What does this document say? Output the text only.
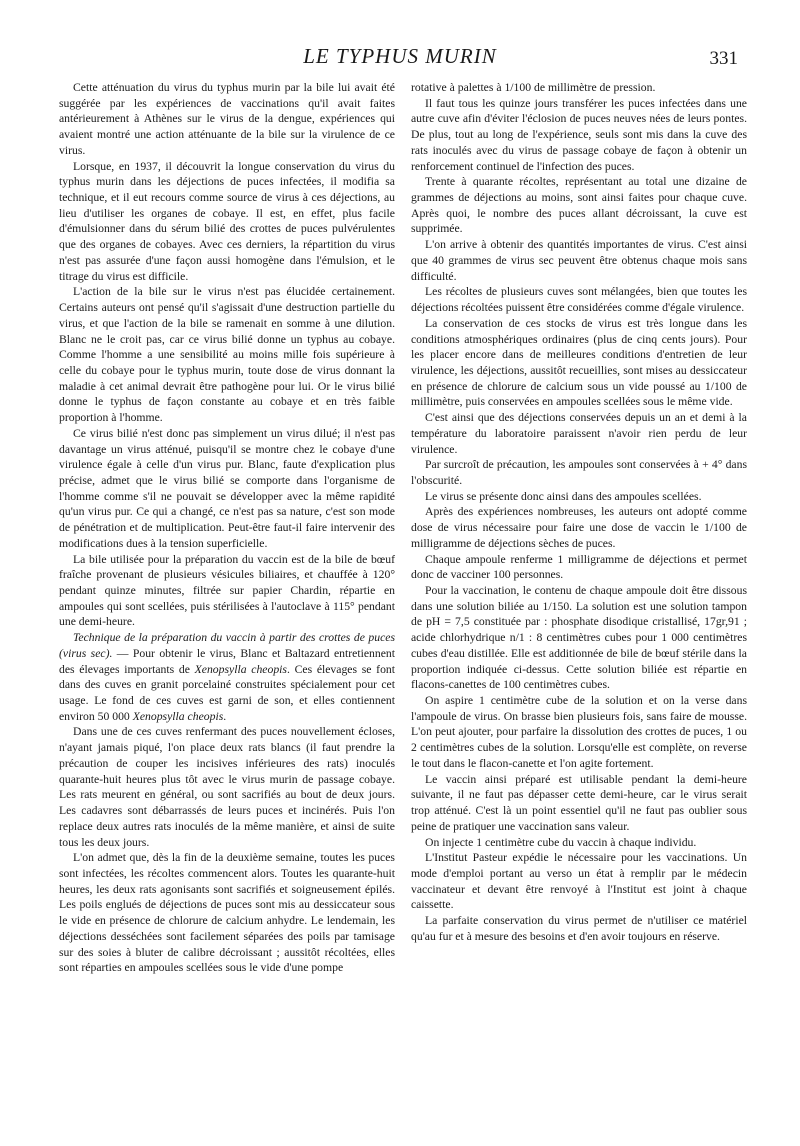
LE TYPHUS MURIN	331

Cette atténuation du virus du typhus murin par la bile lui avait été suggérée par les expériences de vaccinations qu'il avait faites antérieurement à Athènes sur le virus de la dengue, expériences qui avaient montré une action atténuante de la bile sur la virulence de ce virus.

Lorsque, en 1937, il découvrit la longue conservation du virus du typhus murin dans les déjections de puces infectées, il modifia sa technique, et il eut recours comme source de virus à ces déjections, au lieu d'utiliser les organes de cobaye. Il est, en effet, plus facile d'émulsionner dans du sérum bilié des crottes de puces pulvérulentes que des organes de cobayes. Avec ces derniers, la répartition du virus n'est pas assurée d'une façon aussi homogène dans l'émulsion, et le titrage du virus est difficile.

L'action de la bile sur le virus n'est pas élucidée certainement. Certains auteurs ont pensé qu'il s'agissait d'une destruction partielle du virus, et que l'action de la bile se ramenait en somme à une dilution. Blanc ne le croit pas, car ce virus bilié donne un typhus au cobaye. Comme l'homme a une sensibilité au moins mille fois supérieure à celle du cobaye pour le typhus murin, toute dose de virus donnant la maladie à cet animal devrait être pathogène pour lui. Or le virus bilié donne le typhus de façon constante au cobaye et en très faible proportion à l'homme.

Ce virus bilié n'est donc pas simplement un virus dilué; il n'est pas davantage un virus atténué, puisqu'il se montre chez le cobaye d'une virulence égale à celle d'un virus pur. Blanc, faute d'explication plus précise, admet que le virus bilié se comporte dans l'organisme de l'homme comme s'il ne pouvait se développer avec la même rapidité qu'un virus pur. Ce qui a changé, ce n'est pas sa nature, c'est son mode de pénétration et de multiplication. Peut-être faut-il faire intervenir des modifications dues à la tension superficielle.

La bile utilisée pour la préparation du vaccin est de la bile de bœuf fraîche provenant de plusieurs vésicules biliaires, et chauffée à 120° pendant quinze minutes, filtrée sur papier Chardin, répartie en ampoules qui sont scellées, puis stérilisées à l'autoclave à 115° pendant une demi-heure.

Technique de la préparation du vaccin à partir des crottes de puces (virus sec). — Pour obtenir le virus, Blanc et Baltazard entretiennent des élevages importants de Xenopsylla cheopis. Ces élevages se font dans des cuves en granit porcelainé construites spécialement pour cet usage. Le fond de ces cuves est garni de son, et elles contiennent environ 50 000 Xenopsylla cheopis.

Dans une de ces cuves renfermant des puces nouvellement écloses, n'ayant jamais piqué, l'on place deux rats blancs (il faut prendre la précaution de couper les incisives inférieures des rats) inoculés quarante-huit heures plus tôt avec le virus murin de passage cobaye. Les rats meurent en général, ou sont sacrifiés au bout de deux jours. Les cadavres sont débarrassés de leurs puces et incinérés. Puis l'on replace deux autres rats inoculés de la même manière, et ainsi de suite tous les deux jours.

L'on admet que, dès la fin de la deuxième semaine, toutes les puces sont infectées, les récoltes commencent alors. Toutes les quarante-huit heures, les deux rats agonisants sont sacrifiés et soigneusement épilés. Les poils englués de déjections de puces sont mis au dessiccateur sous le vide en présence de chlorure de calcium anhydre. Le lendemain, les déjections desséchées sont facilement séparées des poils par tamisage sur des soies à bluter de calibre décroissant ; aussitôt récoltées, elles sont réparties en ampoules scellées sous le vide d'une pompe

rotative à palettes à 1/100 de millimètre de pression.

Il faut tous les quinze jours transférer les puces infectées dans une autre cuve afin d'éviter l'éclosion de puces neuves nées de leurs pontes. De plus, tout au long de l'expérience, seuls sont mis dans la cuve des rats inoculés avec du virus de passage cobaye de façon à obtenir un renforcement continuel de l'infection des puces.

Trente à quarante récoltes, représentant au total une dizaine de grammes de déjections au moins, sont ainsi faites pour chaque cuve. Après quoi, le nombre des puces allant décroissant, la cuve est supprimée.

L'on arrive à obtenir des quantités importantes de virus. C'est ainsi que 40 grammes de virus sec peuvent être obtenus chaque mois sans difficulté.

Les récoltes de plusieurs cuves sont mélangées, bien que toutes les déjections récoltées puissent être considérées comme d'égale virulence.

La conservation de ces stocks de virus est très longue dans les conditions atmosphériques ordinaires (plus de cinq cents jours). Pour les placer encore dans de meilleures conditions d'entretien de leur virulence, les déjections, aussitôt recueillies, sont mises au dessiccateur en présence de chlorure de calcium sous un vide poussé au 1/100 de millimètre, puis conservées en ampoules scellées sous le même vide.

C'est ainsi que des déjections conservées depuis un an et demi à la température du laboratoire paraissent n'avoir rien perdu de leur virulence.

Par surcroît de précaution, les ampoules sont conservées à + 4° dans l'obscurité.

Le virus se présente donc ainsi dans des ampoules scellées.

Après des expériences nombreuses, les auteurs ont adopté comme dose de virus nécessaire pour faire une dose de vaccin le 1/100 de milligramme de déjections sèches de puces.

Chaque ampoule renferme 1 milligramme de déjections et permet donc de vacciner 100 personnes.

Pour la vaccination, le contenu de chaque ampoule doit être dissous dans une solution biliée au 1/150. La solution est une solution tampon de pH = 7,5 constituée par : phosphate disodique cristallisé, 17gr,91 ; acide chlorhydrique n/1 : 8 centimètres cubes pour 1 000 centimètres cubes d'eau distillée. Elle est additionnée de bile de bœuf stérile dans la proportion indiquée ci-dessus. Cette solution biliée est répartie en flacons-canettes de 100 centimètres cubes.

On aspire 1 centimètre cube de la solution et on la verse dans l'ampoule de virus. On brasse bien plusieurs fois, sans faire de mousse. L'on peut ajouter, pour parfaire la dissolution des crottes de puces, 1 ou 2 centimètres cubes de la solution. Lorsqu'elle est complète, on reverse le tout dans le flacon-canette et l'on agite fortement.

Le vaccin ainsi préparé est utilisable pendant la demi-heure suivante, il ne faut pas dépasser cette demi-heure, car le virus serait trop atténué. C'est là un point essentiel qu'il ne faut pas oublier sous peine de pratiquer une vaccination sans valeur.

On injecte 1 centimètre cube du vaccin à chaque individu.

L'Institut Pasteur expédie le nécessaire pour les vaccinations. Un mode d'emploi portant au verso un état à remplir par le médecin vaccinateur et devant être renvoyé à l'Institut est joint à chaque caissette.

La parfaite conservation du virus permet de n'utiliser ce matériel qu'au fur et à mesure des besoins et d'en avoir toujours en réserve.
